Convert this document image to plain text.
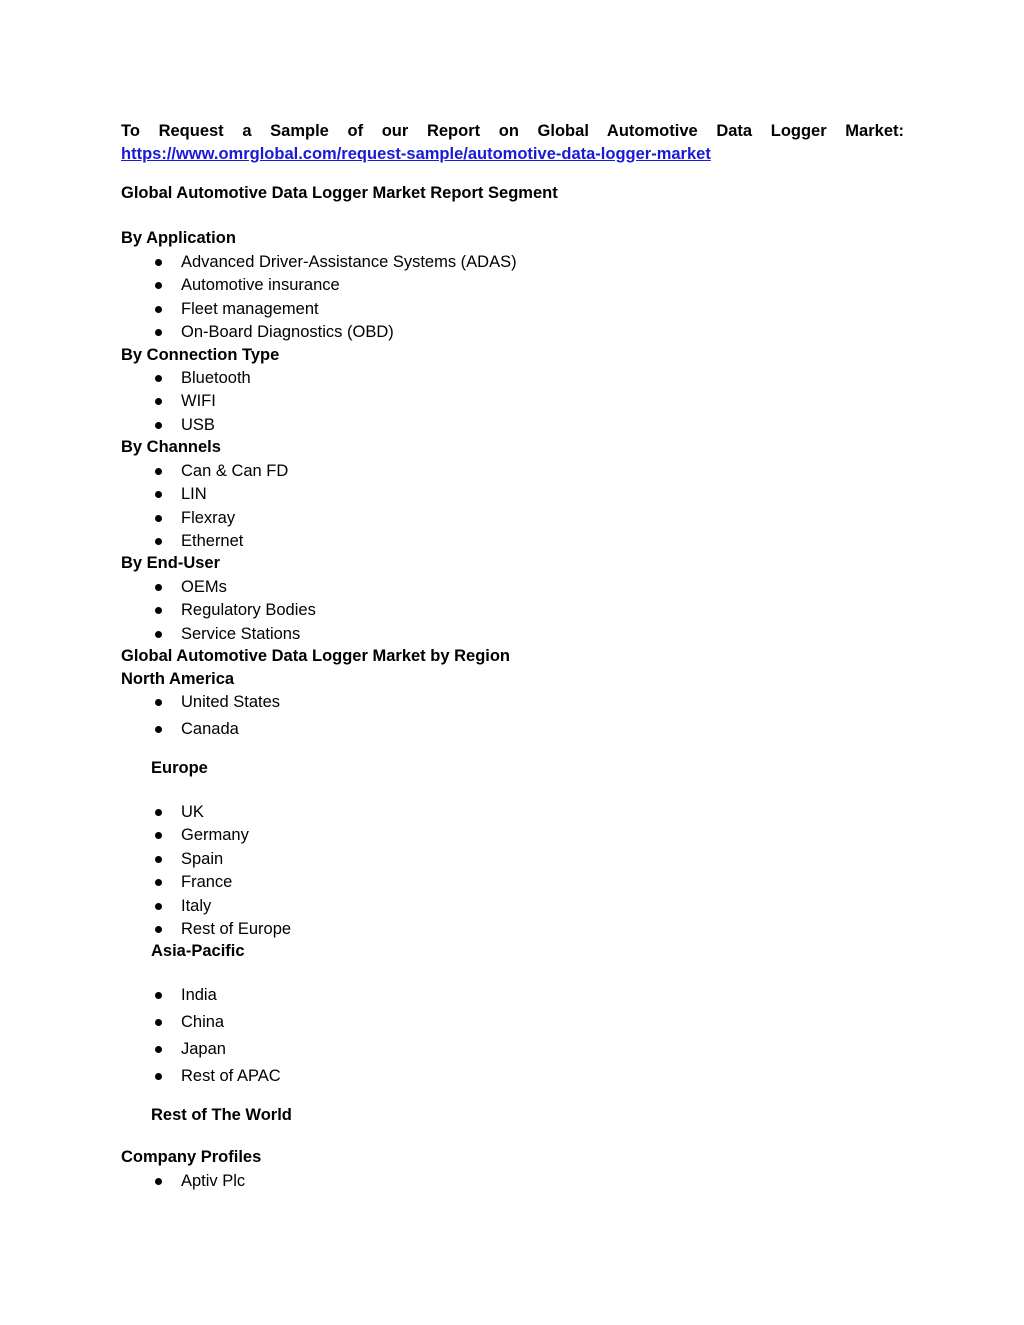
To Request a Sample of our Report on Global Automotive Data Logger Market: https://www.omrglobal.com/request-sample/automotive-data-logger-market
Global Automotive Data Logger Market Report Segment
By Application
Advanced Driver-Assistance Systems (ADAS)
Automotive insurance
Fleet management
On-Board Diagnostics (OBD)
By Connection Type
Bluetooth
WIFI
USB
By Channels
Can & Can FD
LIN
Flexray
Ethernet
By End-User
OEMs
Regulatory Bodies
Service Stations
Global Automotive Data Logger Market by Region
North America
United States
Canada
Europe
UK
Germany
Spain
France
Italy
Rest of Europe
Asia-Pacific
India
China
Japan
Rest of APAC
Rest of The World
Company Profiles
Aptiv Plc
